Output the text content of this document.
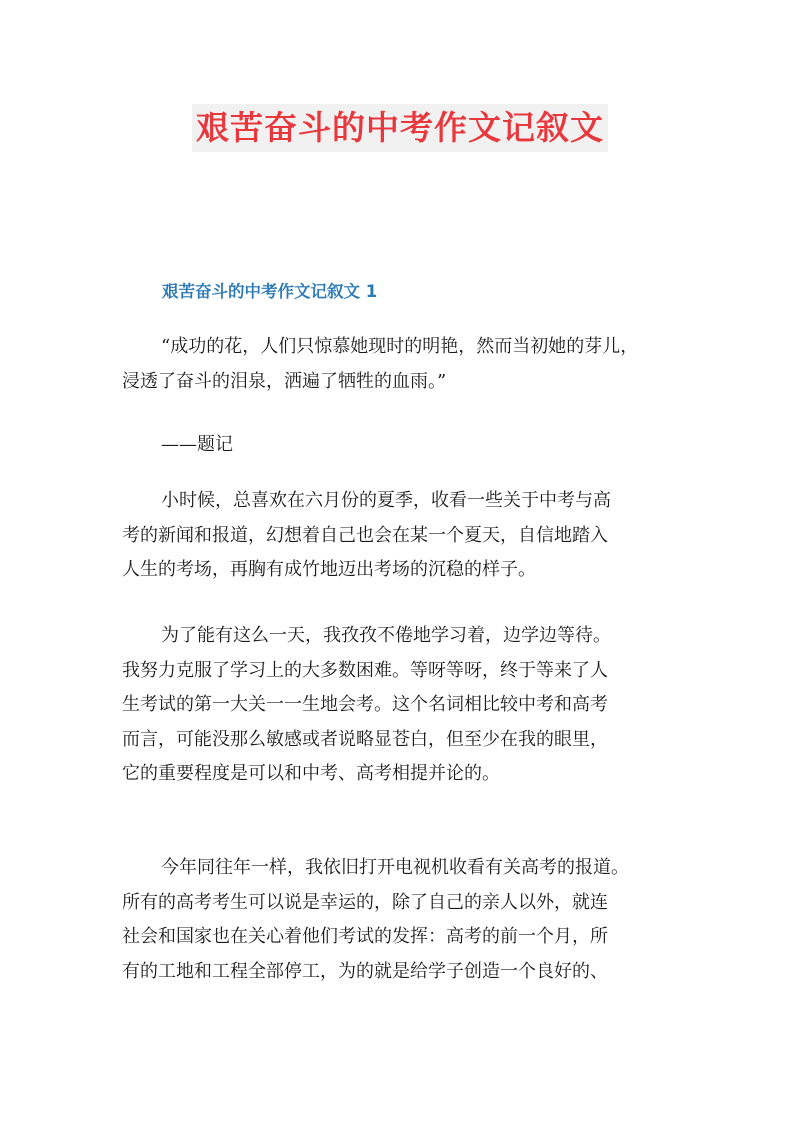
艰苦奋斗的中考作文记叙文
艰苦奋斗的中考作文记叙文 1
“成功的花，人们只惊慕她现时的明艳，然而当初她的芽儿，
浸透了奋斗的泪泉，洒遍了牺牲的血雨。”
——题记
小时候，总喜欢在六月份的夏季，收看一些关于中考与高
考的新闻和报道，幻想着自己也会在某一个夏天，自信地踏入
人生的考场，再胸有成竹地迈出考场的沉稳的样子。
为了能有这么一天，我孜孜不倦地学习着，边学边等待。
我努力克服了学习上的大多数困难。等呀等呀，终于等来了人
生考试的第一大关一一生地会考。这个名词相比较中考和高考
而言，可能没那么敏感或者说略显苍白，但至少在我的眼里，
它的重要程度是可以和中考、高考相提并论的。
今年同往年一样，我依旧打开电视机收看有关高考的报道。
所有的高考考生可以说是幸运的，除了自己的亲人以外，就连
社会和国家也在关心着他们考试的发挥：高考的前一个月，所
有的工地和工程全部停工，为的就是给学子创造一个良好的、
